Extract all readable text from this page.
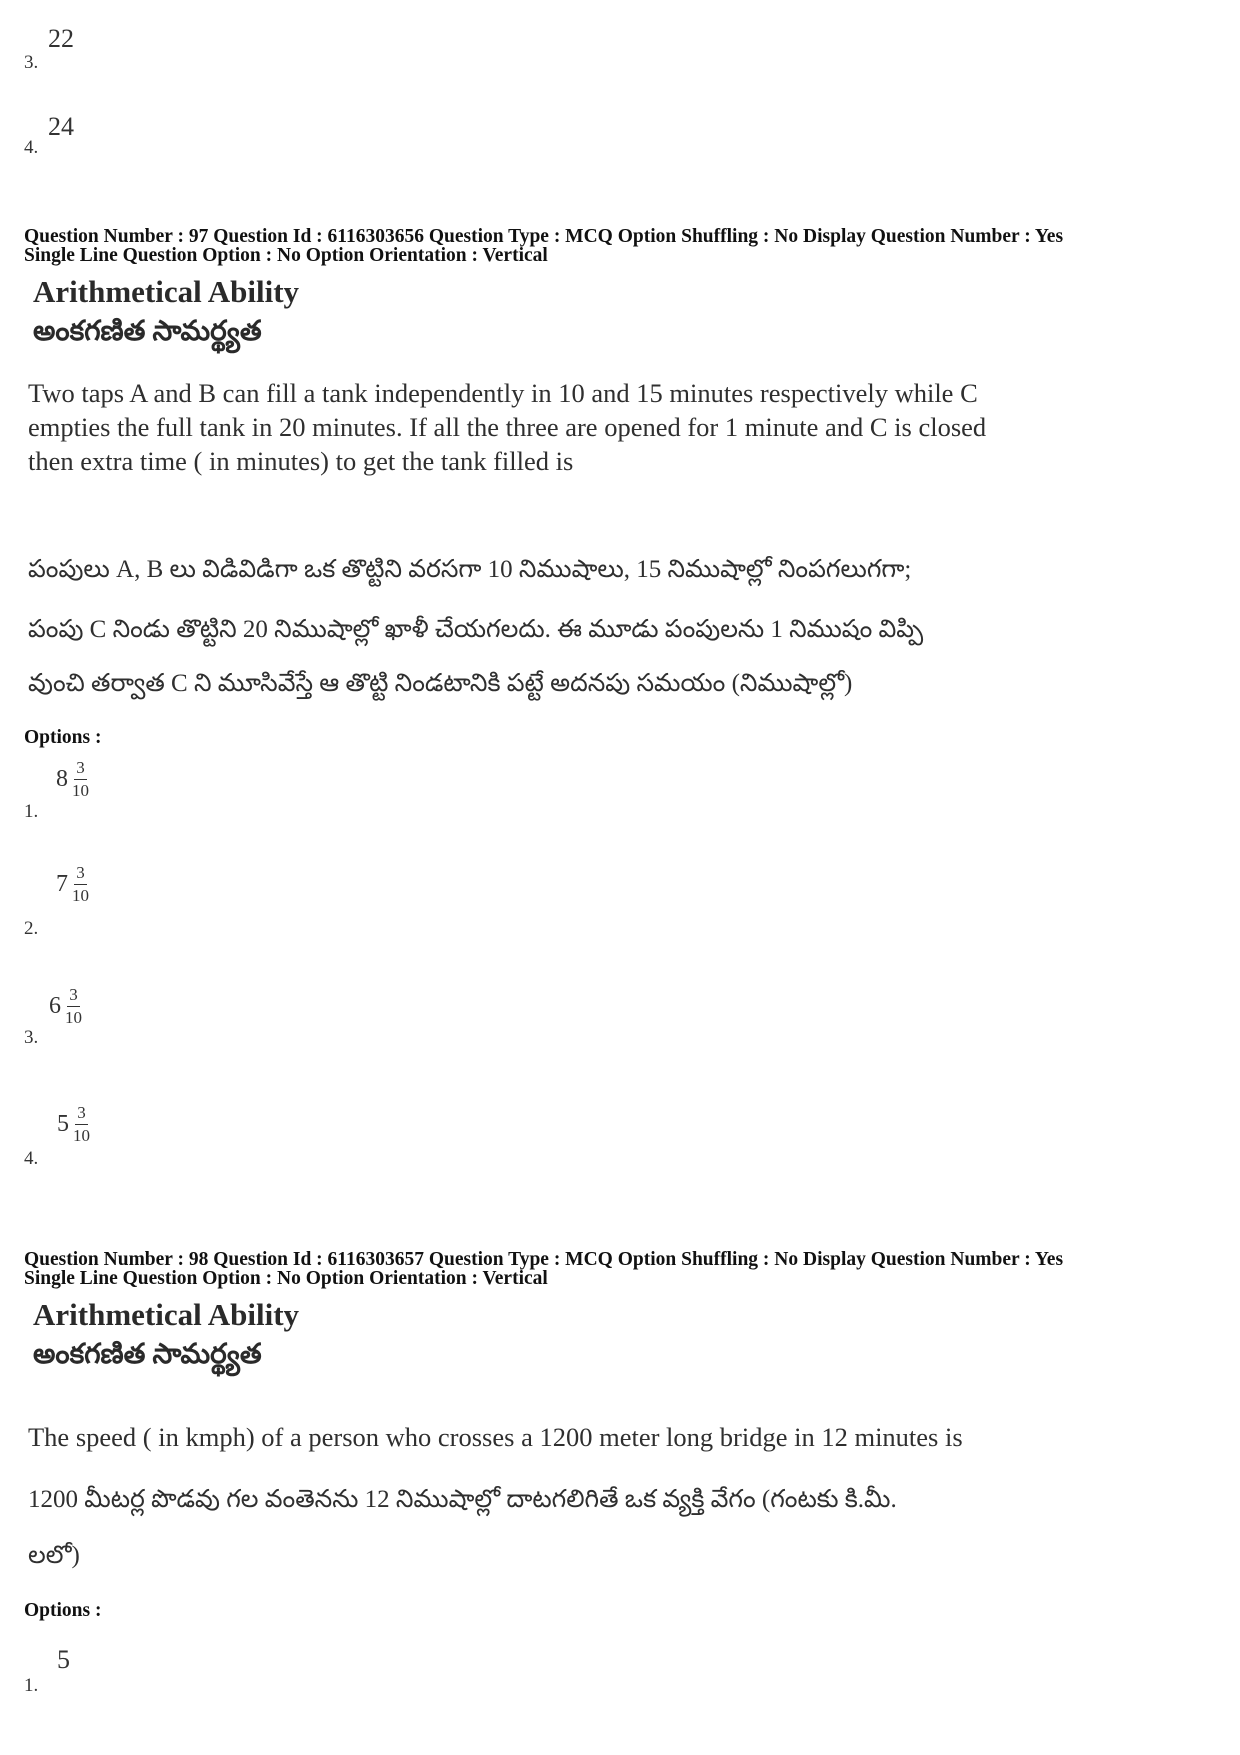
3.
22
4.
24
Question Number : 97 Question Id : 6116303656 Question Type : MCQ Option Shuffling : No Display Question Number : Yes
Single Line Question Option : No Option Orientation : Vertical
Arithmetical Ability
అంకగణిత సామర్థ్యత
Two taps A and B can fill a tank independently in 10 and 15 minutes respectively while C
empties the full tank in 20 minutes. If all the three are opened for 1 minute and C is closed
then extra time ( in minutes) to get the tank filled is
పంపులు A, B లు విడివిడిగా ఒక తొట్టిని వరసగా 10 నిముషాలు, 15 నిముషాల్లో నింపగలుగగా;
పంపు C నిండు తొట్టిని 20 నిముషాల్లో ఖాళీ చేయగలదు. ఈ మూడు పంపులను 1 నిముషం విప్పి
వుంచి తర్వాత C ని మూసివేస్తే ఆ తొట్టి నిండటానికి పట్టే అదనపు సమయం (నిముషాల్లో)
Options :
1.
$8 \frac{3}{10}$
2.
$7 \frac{3}{10}$
3.
$6 \frac{3}{10}$
4.
$5 \frac{3}{10}$
Question Number : 98 Question Id : 6116303657 Question Type : MCQ Option Shuffling : No Display Question Number : Yes
Single Line Question Option : No Option Orientation : Vertical
Arithmetical Ability
అంకగణిత సామర్థ్యత
The speed ( in kmph) of a person who crosses a 1200 meter long bridge in 12 minutes is
1200 మీటర్ల పొడవు గల వంతెనను 12 నిముషాల్లో దాటగలిగితే ఒక వ్యక్తి వేగం (గంటకు కి.మీ.
లలో)
Options :
1.
5
